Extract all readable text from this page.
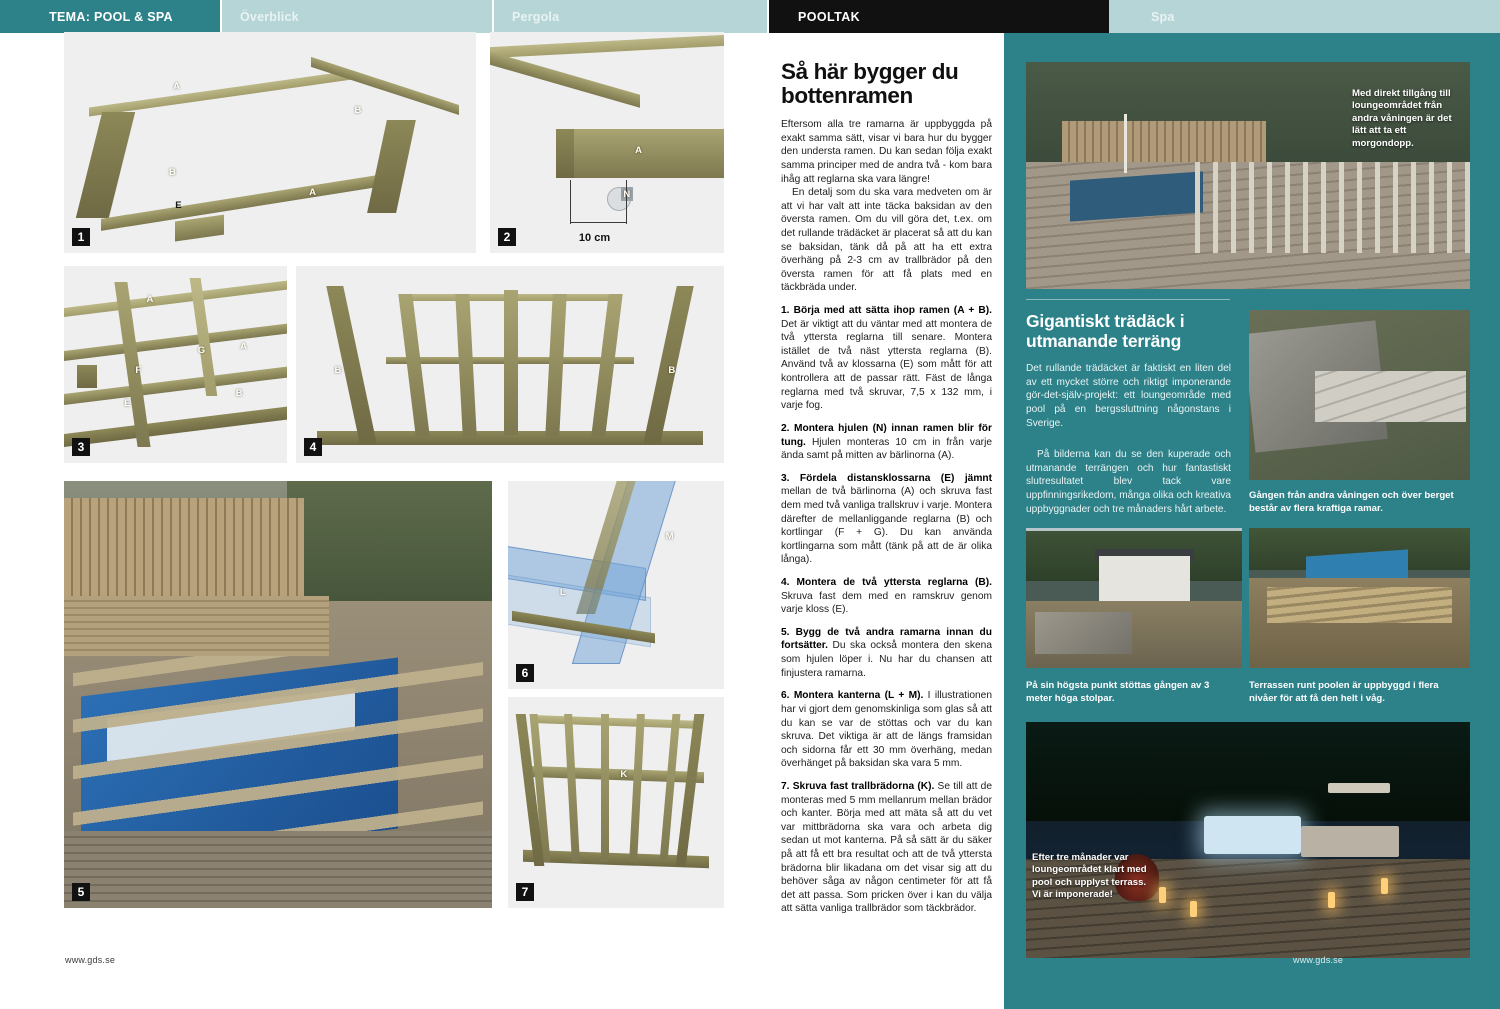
TEMA: POOL & SPA	Överblick	Pergola	POOLTAK	Spa
A
B
B
A
E
1
A
N
10 cm
2
A
A
G
F
B
E
3
B	B
4
5
L
M
6
K
7
Så här bygger du
bottenramen

Eftersom alla tre ramarna är uppbyggda på exakt samma sätt, visar vi bara hur du bygger den understa ramen. Du kan sedan följa exakt samma principer med de andra två - kom bara ihåg att reglarna ska vara längre!

En detalj som du ska vara medveten om är att vi har valt att inte täcka baksidan av den översta ramen. Om du vill göra det, t.ex. om det rullande trädäcket är placerat så att du kan se baksidan, tänk då på att ha ett extra överhäng på 2-3 cm av trallbrädor på den översta ramen för att få plats med en täckbräda under.

1. Börja med att sätta ihop ramen (A + B). Det är viktigt att du väntar med att montera de två yttersta reglarna till senare. Montera istället de två näst yttersta reglarna (B). Använd två av klossarna (E) som mått för att kontrollera att de passar rätt. Fäst de långa reglarna med två skruvar, 7,5 x 132 mm, i varje fog.

2. Montera hjulen (N) innan ramen blir för tung. Hjulen monteras 10 cm in från varje ända samt på mitten av bärlinorna (A).

3. Fördela distansklossarna (E) jämnt mellan de två bärlinorna (A) och skruva fast dem med två vanliga trallskruv i varje. Montera därefter de mellanliggande reglarna (B) och kortlingar (F + G). Du kan använda kortlingarna som mått (tänk på att de är olika långa).

4. Montera de två yttersta reglarna (B). Skruva fast dem med en ramskruv genom varje kloss (E).

5. Bygg de två andra ramarna innan du fortsätter. Du ska också montera den skena som hjulen löper i. Nu har du chansen att finjustera ramarna.

6. Montera kanterna (L + M). I illustrationen har vi gjort dem genomskinliga som glas så att du kan se var de stöttas och var du kan skruva. Det viktiga är att de längs framsidan och sidorna får ett 30 mm överhäng, medan överhänget på baksidan ska vara 5 mm.

7. Skruva fast trallbrädorna (K). Se till att de monteras med 5 mm mellanrum mellan brädor och kanter. Börja med att mäta så att du vet var mittbrädorna ska vara och arbeta dig sedan ut mot kanterna. På så sätt är du säker på att få ett bra resultat och att de två yttersta brädorna blir likadana om det visar sig att du behöver såga av någon centimeter för att få det att passa. Som pricken över i kan du välja att sätta vanliga trallbrädor som täckbrädor.

Med direkt tillgång till loungeområdet från andra våningen är det lätt att ta ett morgondopp.
Gigantiskt trädäck i
utmanande terräng
Det rullande trädäcket är faktiskt en liten del av ett mycket större och riktigt imponerande gör-det-själv-projekt: ett loungeområde med pool på en bergssluttning någonstans i Sverige.
På bilderna kan du se den kuperade och utmanande terrängen och hur fantastiskt slutresultatet blev tack vare uppfinningsrikedom, många olika och kreativa uppbyggnader och tre månaders hårt arbete.
Gången från andra våningen och över berget består av flera kraftiga ramar.
På sin högsta punkt stöttas gången av 3 meter höga stolpar.
Terrassen runt poolen är uppbyggd i flera nivåer för att få den helt i våg.
Efter tre månader var loungeområdet klart med pool och upplyst terrass. Vi är imponerade!
www.gds.se	www.gds.se
